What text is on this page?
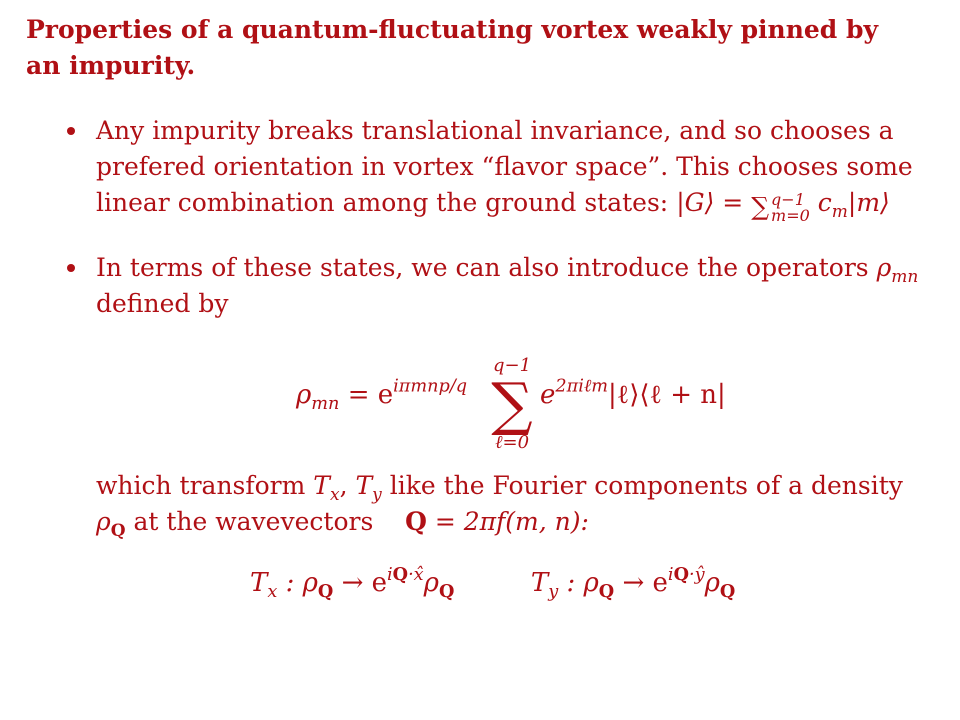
Properties of a quantum-fluctuating vortex weakly pinned by
an impurity.
Any impurity breaks translational invariance, and so chooses a
prefered orientation in vortex “flavor space”. This chooses some
linear combination among the ground states: |G⟩ = ∑ q−1
m=0 $c_m|m⟩$
In terms of these states, we can also introduce the operators $\rho_{mn}$
defined by
$\rho_{mn} = e^{i\pi mnp/q}$
q−1
∑
ℓ=0
$e^{2\pi i\ell m}|\ell⟩⟨\ell + n|$
which transform $T_x$, $T_y$ like the Fourier components of a density
$\rho_Q$ at the wavevectors Q = 2πf(m, n):
$T_x$ : $\rho_Q \to e^{iQ\cdot x̂}\rho_Q$	$T_y$ : $\rho_Q \to e^{iQ\cdot ŷ}\rho_Q$
